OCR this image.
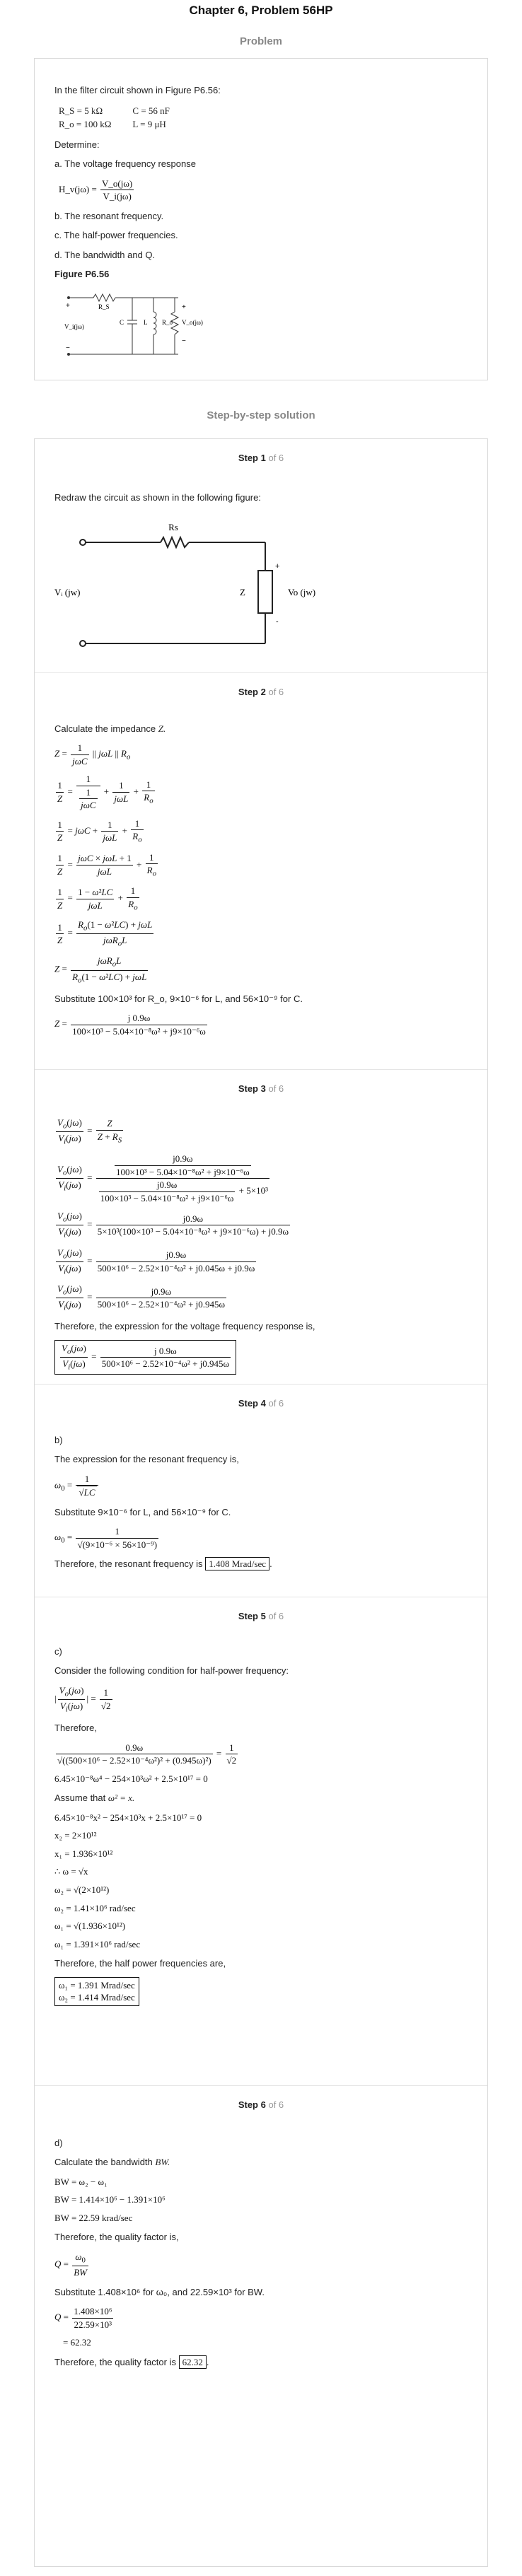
Chapter 6, Problem 56HP
Problem
In the filter circuit shown in Figure P6.56:
R_S = 5 kΩ	C = 56 nF
R_o = 100 kΩ	L = 9 μH
Determine:
a. The voltage frequency response
H_v(jω) = $\frac{V\_o(j\omega)}{V\_i(j\omega)}$
b. The resonant frequency.
c. The half-power frequencies.
d. The bandwidth and Q.
Figure P6.56
R_S
C	L R_o
V_i(jω)
V_o(jω)
+
−
+
−
Step-by-step solution
Step 1 of 6
Redraw the circuit as shown in the following figure:
Rs
Z
Vᵢ (jw)	Vo (jw)
+
-
Step 2 of 6
Calculate the impedance Z.
$Z = \frac{1}{\text{jωC}}$ || jωL || $R_o$
$\frac{1}{Z} = \frac{1}{\frac{1}{\text{jωC}}} + \frac{1}{\text{jωL}} + \frac{1}{R_o}$
$\frac{1}{Z} = j\omega C + \frac{1}{\text{jωL}} + \frac{1}{R_o}$
$\frac{1}{Z} = \frac{\text{jωC × jωL + 1}}{\text{jωL}} + \frac{1}{R_o}$
$\frac{1}{Z} = \frac{\text{1 − ω²LC}}{\text{jωL}} + \frac{1}{R_o}$
$\frac{1}{Z} = \frac{R_o(1 - \omega^2LC) + j\omega L}{j\omega R_oL}$
$Z = \frac{j\omega R_oL}{R_o(1 - \omega^2LC) + j\omega L}$
Substitute 100×10³ for R_o, 9×10⁻⁶ for L, and 56×10⁻⁹ for C.
$Z = \frac{j 0.9\omega}{\text{100×10³ − 5.04×10⁻⁸ω² + j9×10⁻⁶ω}}$
Step 3 of 6
$\frac{V_o(j\omega)}{V_i(j\omega)} = \frac{Z}{Z + R_S}$
$\frac{V_o(j\omega)}{V_i(j\omega)} = \frac{\frac{j0.9\omega}{\text{100×10³ − 5.04×10⁻⁸ω² + j9×10⁻⁶ω}}}{\frac{j0.9\omega}{\text{100×10³ − 5.04×10⁻⁸ω² + j9×10⁻⁶ω}} + 5\times 10^3}$
$\frac{V_o(j\omega)}{V_i(j\omega)} = \frac{j0.9\omega}{\text{5×10³(100×10³ − 5.04×10⁻⁸ω² + j9×10⁻⁶ω) + j0.9ω}}$
$\frac{V_o(j\omega)}{V_i(j\omega)} = \frac{j0.9\omega}{\text{500×10⁶ − 2.52×10⁻⁴ω² + j0.045ω + j0.9ω}}$
$\frac{V_o(j\omega)}{V_i(j\omega)} = \frac{j0.9\omega}{\text{500×10⁶ − 2.52×10⁻⁴ω² + j0.945ω}}$
Therefore, the expression for the voltage frequency response is,
$\frac{V_o(j\omega)}{V_i(j\omega)} = \frac{j 0.9\omega}{\text{500×10⁶ − 2.52×10⁻⁴ω² + j0.945ω}}$
Step 4 of 6
b)
The expression for the resonant frequency is,
$\omega_0 = \frac{1}{√LC}$
Substitute 9×10⁻⁶ for L, and 56×10⁻⁹ for C.
$\omega_0 = \frac{1}{\text{√(9×10⁻⁶ × 56×10⁻⁹)}}$
Therefore, the resonant frequency is 1.408 Mrad/sec .
Step 5 of 6
c)
Consider the following condition for half-power frequency:
| $\frac{V_o(j\omega)}{V_i(j\omega)}$ | = $\frac{1}{√2}$
Therefore,
$\frac{0.9\omega}{\text{√((500×10⁶ − 2.52×10⁻⁴ω²)² + (0.945ω)²)}} = \frac{1}{√2}$
6.45×10⁻⁸ω⁴ − 254×10³ω² + 2.5×10¹⁷ = 0
Assume that ω² = x.
6.45×10⁻⁸x² − 254×10³x + 2.5×10¹⁷ = 0
x₂ = 2×10¹²
x₁ = 1.936×10¹²
∴ ω = √x
ω₂ = √(2×10¹²)
ω₂ = 1.41×10⁶ rad/sec
ω₁ = √(1.936×10¹²)
ω₁ = 1.391×10⁶ rad/sec
Therefore, the half power frequencies are,
ω₁ = 1.391 Mrad/sec
ω₂ = 1.414 Mrad/sec
Step 6 of 6
d)
Calculate the bandwidth BW.
BW = ω₂ − ω₁
BW = 1.414×10⁶ − 1.391×10⁶
BW = 22.59 krad/sec
Therefore, the quality factor is,
$Q = \frac{\omega_0}{BW}$
Substitute 1.408×10⁶ for ω₀, and 22.59×10³ for BW.
$Q = \frac{\text{1.408×10⁶}}{\text{22.59×10³}}$
= 62.32
Therefore, the quality factor is 62.32 .
